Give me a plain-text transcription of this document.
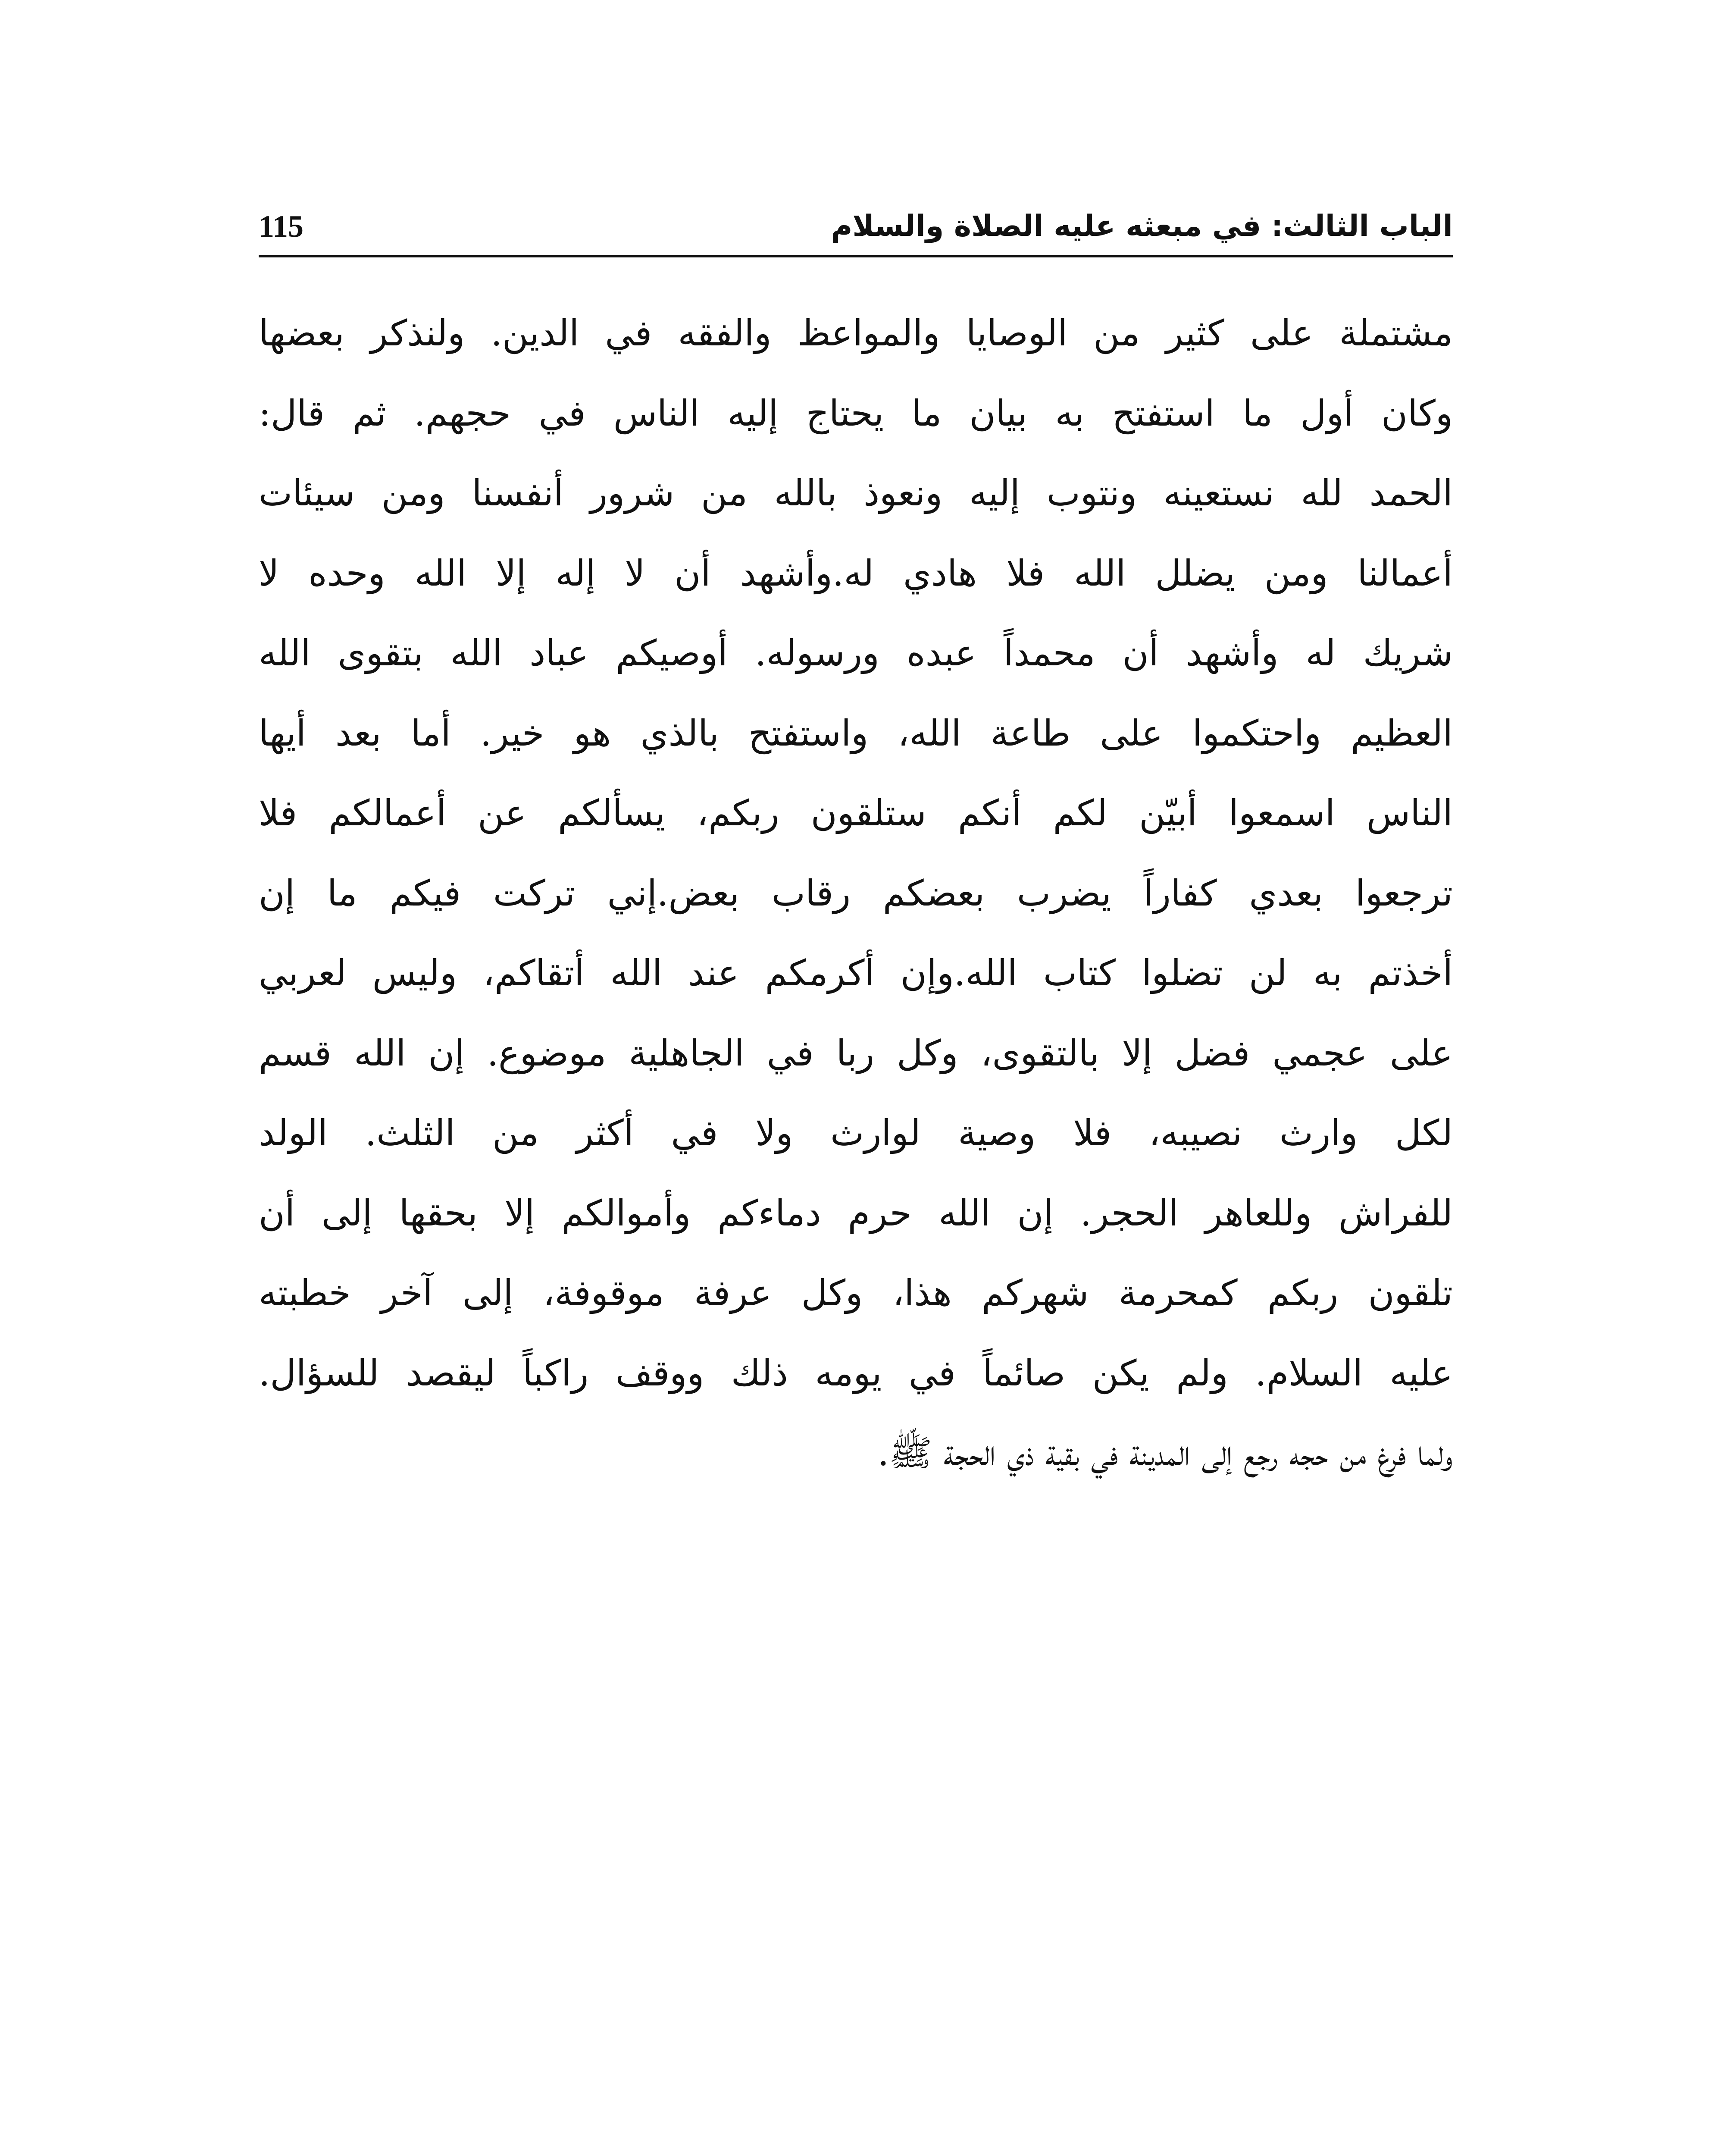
الباب الثالث: في مبعثه عليه الصلاة والسلام
115
مشتملة على كثير من الوصايا والمواعظ والفقه في الدين. ولنذكر بعضها
وكان أول ما استفتح به بيان ما يحتاج إليه الناس في حجهم. ثم قال:
الحمد لله نستعينه ونتوب إليه ونعوذ بالله من شرور أنفسنا ومن سيئات
أعمالنا ومن يضلل الله فلا هادي له.وأشهد أن لا إله إلا الله وحده لا
شريك له وأشهد أن محمداً عبده ورسوله. أوصيكم عباد الله بتقوى الله
العظيم واحتكموا على طاعة الله، واستفتح بالذي هو خير. أما بعد أيها
الناس اسمعوا أبيّن لكم أنكم ستلقون ربكم، يسألكم عن أعمالكم فلا
ترجعوا بعدي كفاراً يضرب بعضكم رقاب بعض.إني تركت فيكم ما إن
أخذتم به لن تضلوا كتاب الله.وإن أكرمكم عند الله أتقاكم، وليس لعربي
على عجمي فضل إلا بالتقوى، وكل ربا في الجاهلية موضوع. إن الله قسم
لكل وارث نصيبه، فلا وصية لوارث ولا في أكثر من الثلث. الولد
للفراش وللعاهر الحجر. إن الله حرم دماءكم وأموالكم إلا بحقها إلى أن
تلقون ربكم كمحرمة شهركم هذا، وكل عرفة موقوفة، إلى آخر خطبته
عليه السلام. ولم يكن صائماً في يومه ذلك ووقف راكباً ليقصد للسؤال.
ولما فرغ من حجه رجع إلى المدينة في بقية ذي الحجة ﷺ.
